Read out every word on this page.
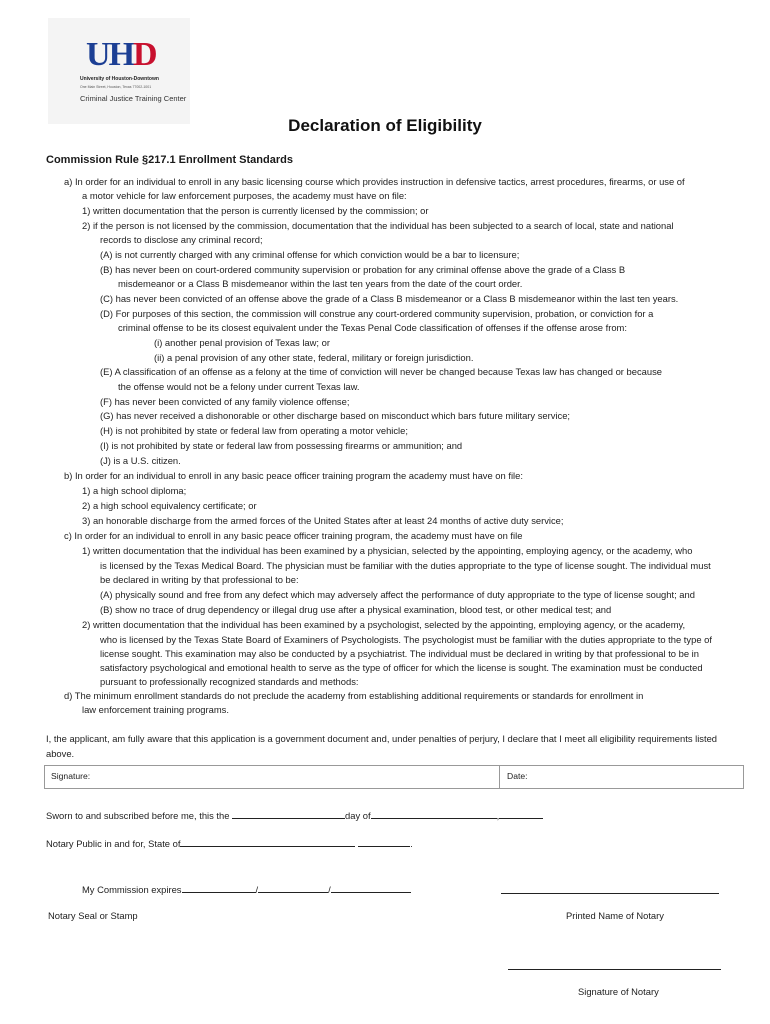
UHD
University of Houston-Downtown
One Main Street, Houston, Texas 77002-1001
Criminal Justice Training Center
Declaration of Eligibility
Commission Rule §217.1 Enrollment Standards
a) In order for an individual to enroll in any basic licensing course which provides instruction in defensive tactics, arrest procedures, firearms, or use of
a motor vehicle for law enforcement purposes, the academy must have on file:
1) written documentation that the person is currently licensed by the commission; or
2) if the person is not licensed by the commission, documentation that the individual has been subjected to a search of local, state and national
records to disclose any criminal record;
(A) is not currently charged with any criminal offense for which conviction would be a bar to licensure;
(B) has never been on court-ordered community supervision or probation for any criminal offense above the grade of a Class B
misdemeanor or a Class B misdemeanor within the last ten years from the date of the court order.
(C) has never been convicted of an offense above the grade of a Class B misdemeanor or a Class B misdemeanor within the last ten years.
(D) For purposes of this section, the commission will construe any court-ordered community supervision, probation, or conviction for a
criminal offense to be its closest equivalent under the Texas Penal Code classification of offenses if the offense arose from:
(i) another penal provision of Texas law; or
(ii) a penal provision of any other state, federal, military or foreign jurisdiction.
(E) A classification of an offense as a felony at the time of conviction will never be changed because Texas law has changed or because
the offense would not be a felony under current Texas law.
(F) has never been convicted of any family violence offense;
(G) has never received a dishonorable or other discharge based on misconduct which bars future military service;
(H) is not prohibited by state or federal law from operating a motor vehicle;
(I) is not prohibited by state or federal law from possessing firearms or ammunition; and
(J) is a U.S. citizen.
b) In order for an individual to enroll in any basic peace officer training program the academy must have on file:
1) a high school diploma;
2) a high school equivalency certificate; or
3) an honorable discharge from the armed forces of the United States after at least 24 months of active duty service;
c) In order for an individual to enroll in any basic peace officer training program, the academy must have on file
1) written documentation that the individual has been examined by a physician, selected by the appointing, employing agency, or the academy, who
is licensed by the Texas Medical Board. The physician must be familiar with the duties appropriate to the type of license sought. The individual must
be declared in writing by that professional to be:
(A) physically sound and free from any defect which may adversely affect the performance of duty appropriate to the type of license sought; and
(B) show no trace of drug dependency or illegal drug use after a physical examination, blood test, or other medical test; and
2) written documentation that the individual has been examined by a psychologist, selected by the appointing, employing agency, or the academy,
who is licensed by the Texas State Board of Examiners of Psychologists. The psychologist must be familiar with the duties appropriate to the type of
license sought. This examination may also be conducted by a psychiatrist. The individual must be declared in writing by that professional to be in
satisfactory psychological and emotional health to serve as the type of officer for which the license is sought. The examination must be conducted
pursuant to professionally recognized standards and methods:
d) The minimum enrollment standards do not preclude the academy from establishing additional requirements or standards for enrollment in
law enforcement training programs.
I, the applicant, am fully aware that this application is a government document and, under penalties of perjury, I declare that I meet all eligibility requirements listed above.
Signature:	Date:
Sworn to and subscribed before me, this the	day of	,
Notary Public in and for, State of	.
My Commission expires	/	/
Notary Seal or Stamp	Printed Name of Notary
Signature of Notary
